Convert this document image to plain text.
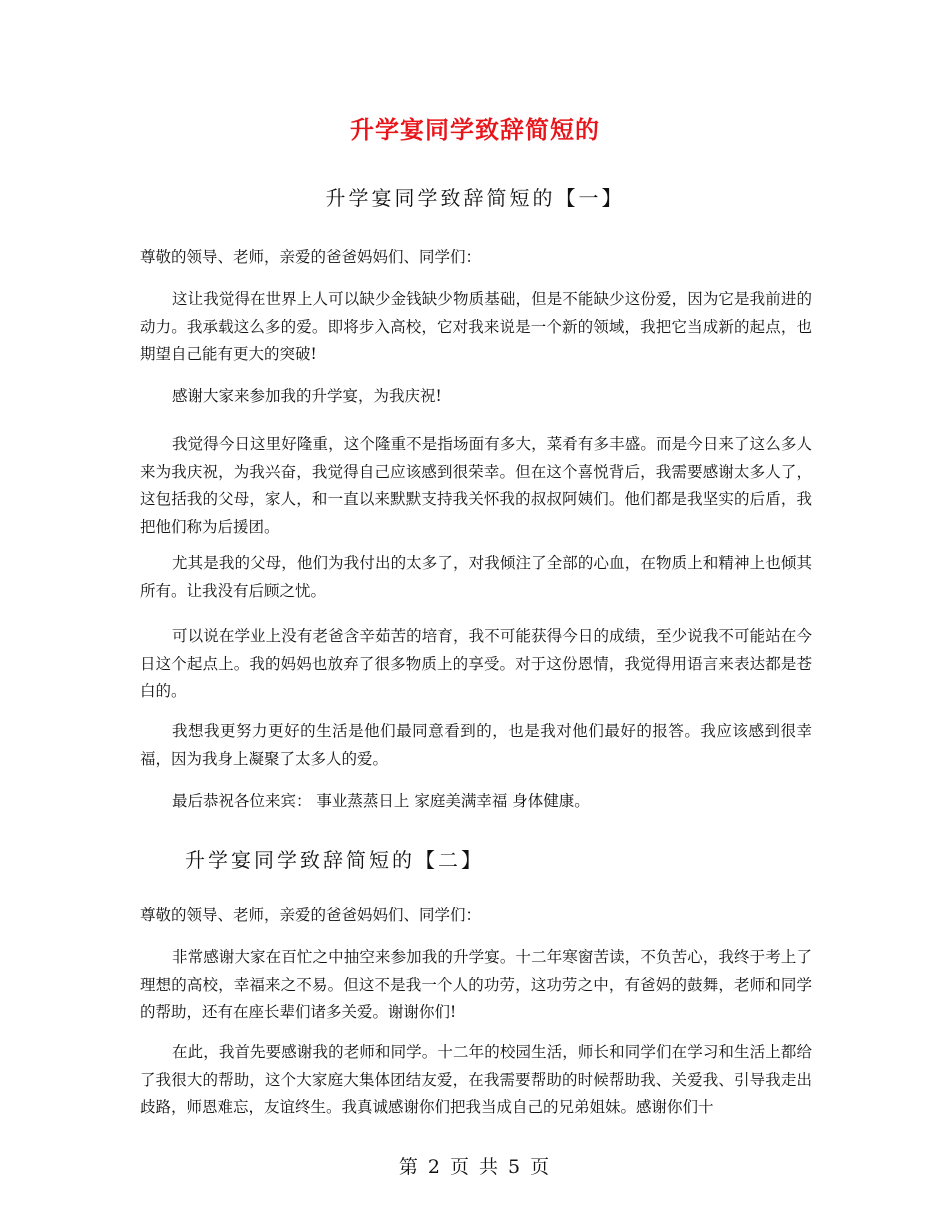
升学宴同学致辞简短的
升学宴同学致辞简短的【一】
尊敬的领导、老师，亲爱的爸爸妈妈们、同学们：
这让我觉得在世界上人可以缺少金钱缺少物质基础，但是不能缺少这份爱，因为它是我前进的动力。我承载这么多的爱。即将步入高校，它对我来说是一个新的领域，我把它当成新的起点，也期望自己能有更大的突破!
感谢大家来参加我的升学宴，为我庆祝!
我觉得今日这里好隆重，这个隆重不是指场面有多大，菜肴有多丰盛。而是今日来了这么多人来为我庆祝，为我兴奋，我觉得自己应该感到很荣幸。但在这个喜悦背后，我需要感谢太多人了，这包括我的父母，家人，和一直以来默默支持我关怀我的叔叔阿姨们。他们都是我坚实的后盾，我把他们称为后援团。
尤其是我的父母，他们为我付出的太多了，对我倾注了全部的心血，在物质上和精神上也倾其所有。让我没有后顾之忧。
可以说在学业上没有老爸含辛茹苦的培育，我不可能获得今日的成绩，至少说我不可能站在今日这个起点上。我的妈妈也放弃了很多物质上的享受。对于这份恩情，我觉得用语言来表达都是苍白的。
我想我更努力更好的生活是他们最同意看到的，也是我对他们最好的报答。我应该感到很幸福，因为我身上凝聚了太多人的爱。
最后恭祝各位来宾： 事业蒸蒸日上 家庭美满幸福 身体健康。
升学宴同学致辞简短的【二】
尊敬的领导、老师，亲爱的爸爸妈妈们、同学们：
非常感谢大家在百忙之中抽空来参加我的升学宴。十二年寒窗苦读，不负苦心，我终于考上了理想的高校，幸福来之不易。但这不是我一个人的功劳，这功劳之中，有爸妈的鼓舞，老师和同学的帮助，还有在座长辈们诸多关爱。谢谢你们!
在此，我首先要感谢我的老师和同学。十二年的校园生活，师长和同学们在学习和生活上都给了我很大的帮助，这个大家庭大集体团结友爱，在我需要帮助的时候帮助我、关爱我、引导我走出歧路，师恩难忘，友谊终生。我真诚感谢你们把我当成自己的兄弟姐妹。感谢你们十
第 2 页 共 5 页
